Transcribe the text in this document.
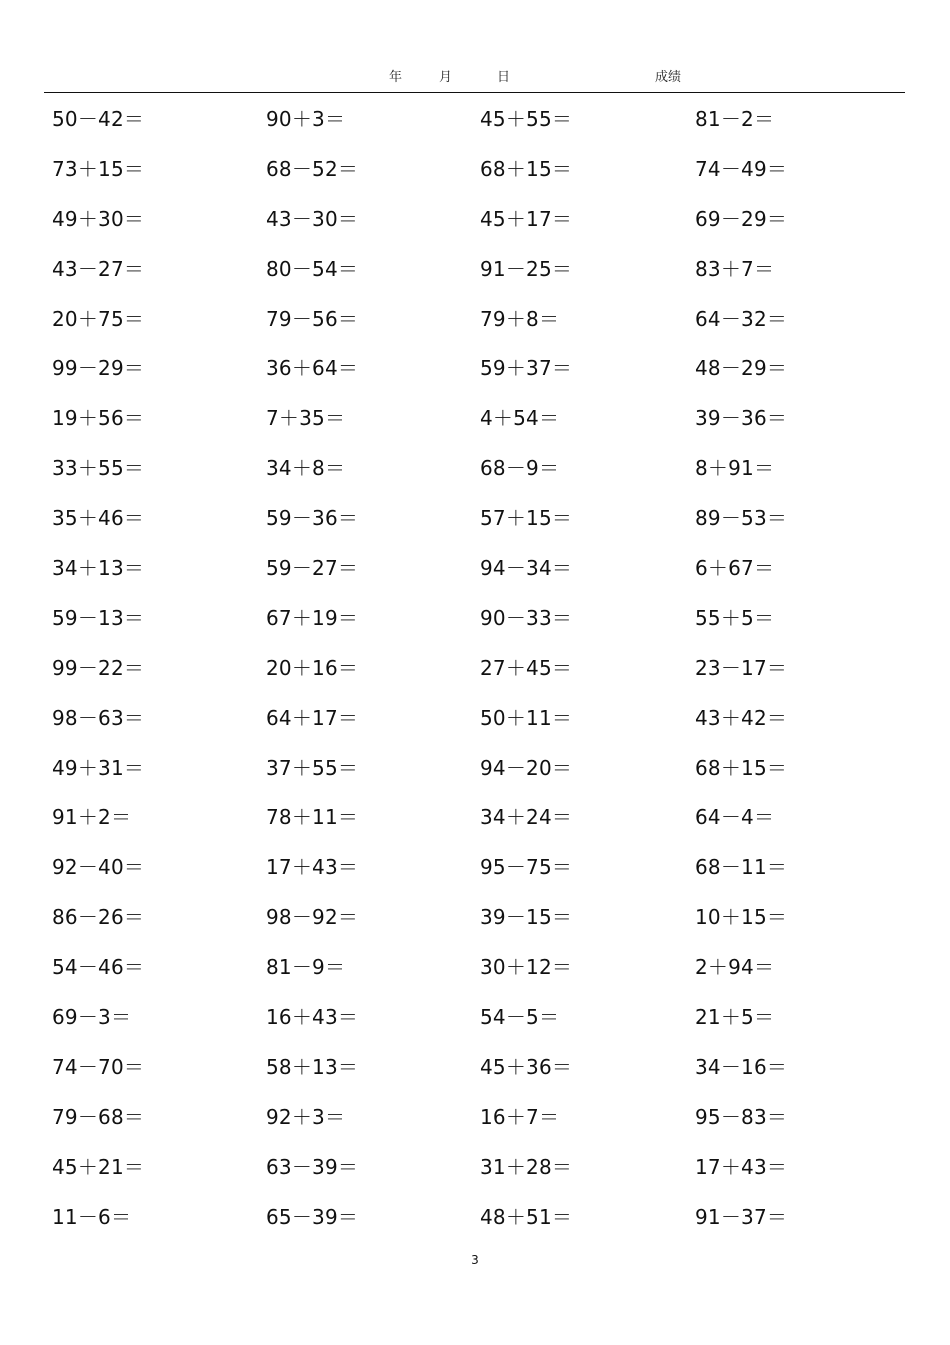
年	月	日	成绩
50－42＝	90＋3＝	45＋55＝	81－2＝
73＋15＝	68－52＝	68＋15＝	74－49＝
49＋30＝	43－30＝	45＋17＝	69－29＝
43－27＝	80－54＝	91－25＝	83＋7＝
20＋75＝	79－56＝	79＋8＝	64－32＝
99－29＝	36＋64＝	59＋37＝	48－29＝
19＋56＝	7＋35＝	4＋54＝	39－36＝
33＋55＝	34＋8＝	68－9＝	8＋91＝
35＋46＝	59－36＝	57＋15＝	89－53＝
34＋13＝	59－27＝	94－34＝	6＋67＝
59－13＝	67＋19＝	90－33＝	55＋5＝
99－22＝	20＋16＝	27＋45＝	23－17＝
98－63＝	64＋17＝	50＋11＝	43＋42＝
49＋31＝	37＋55＝	94－20＝	68＋15＝
91＋2＝	78＋11＝	34＋24＝	64－4＝
92－40＝	17＋43＝	95－75＝	68－11＝
86－26＝	98－92＝	39－15＝	10＋15＝
54－46＝	81－9＝	30＋12＝	2＋94＝
69－3＝	16＋43＝	54－5＝	21＋5＝
74－70＝	58＋13＝	45＋36＝	34－16＝
79－68＝	92＋3＝	16＋7＝	95－83＝
45＋21＝	63－39＝	31＋28＝	17＋43＝
11－6＝	65－39＝	48＋51＝	91－37＝
3
